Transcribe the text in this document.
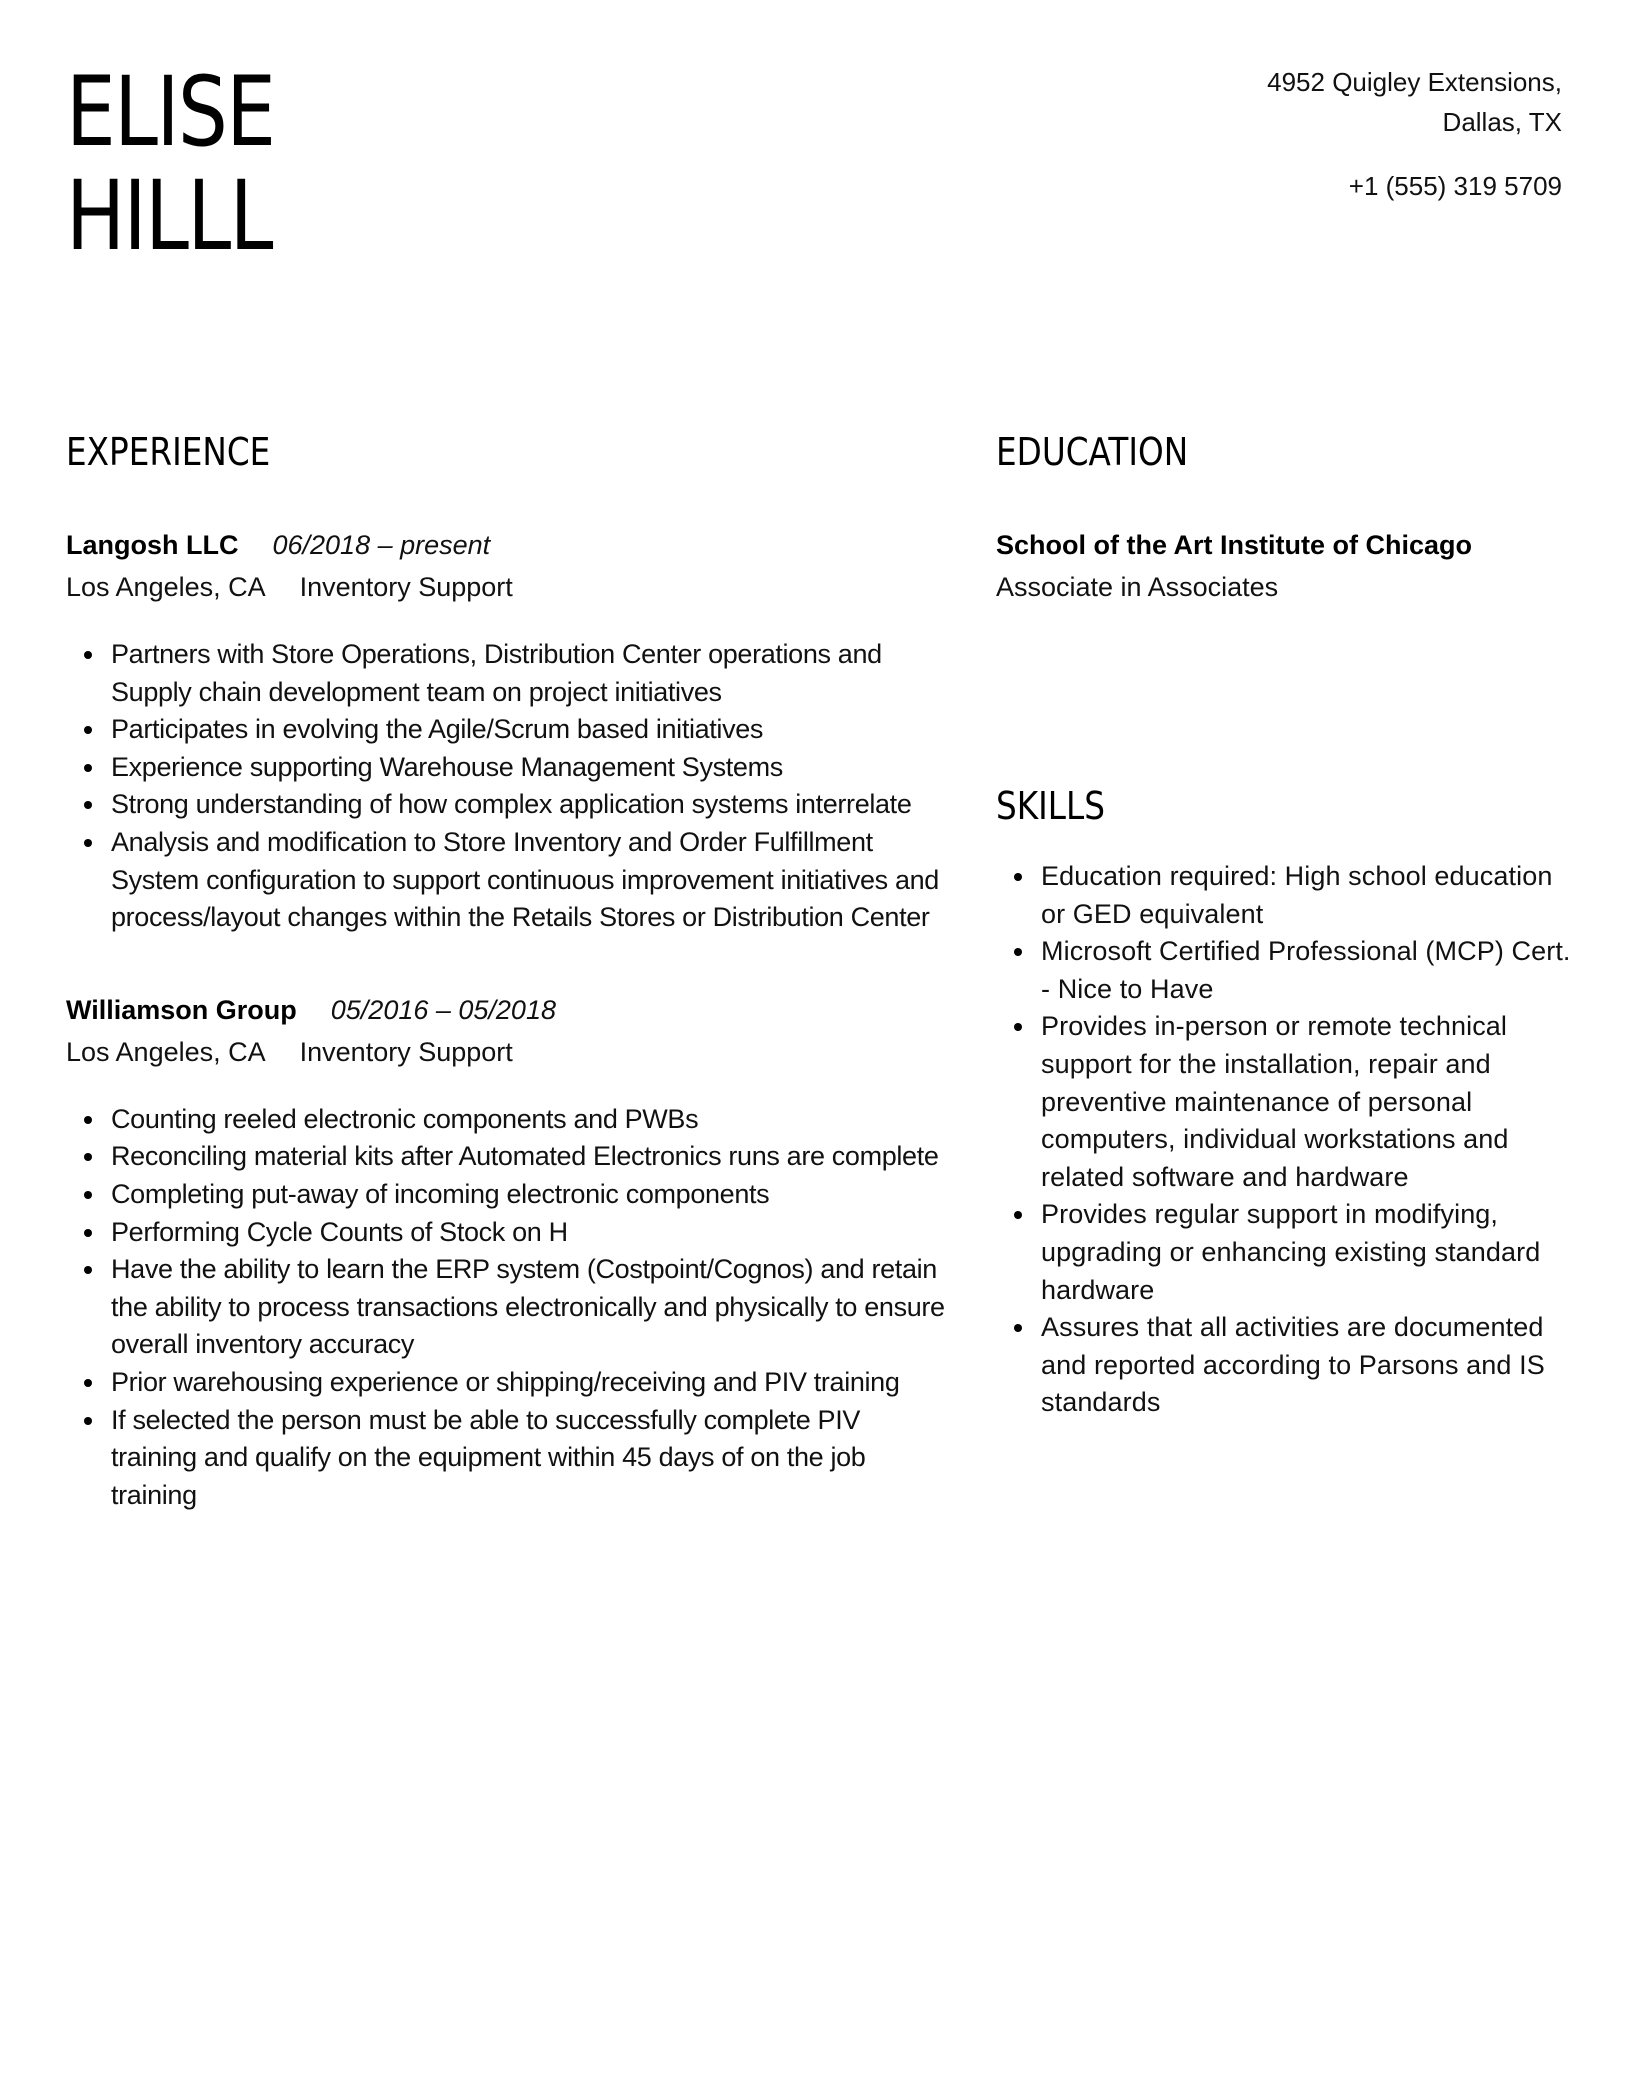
ELISE
HILLL
4952 Quigley Extensions,
Dallas, TX
+1 (555) 319 5709
EXPERIENCE
Langosh LLC 06/2018 – present
Los Angeles, CA Inventory Support
Partners with Store Operations, Distribution Center operations and Supply chain development team on project initiatives
Participates in evolving the Agile/Scrum based initiatives
Experience supporting Warehouse Management Systems
Strong understanding of how complex application systems interrelate
Analysis and modification to Store Inventory and Order Fulfillment System configuration to support continuous improvement initiatives and process/layout changes within the Retails Stores or Distribution Center
Williamson Group 05/2016 – 05/2018
Los Angeles, CA Inventory Support
Counting reeled electronic components and PWBs
Reconciling material kits after Automated Electronics runs are complete
Completing put-away of incoming electronic components
Performing Cycle Counts of Stock on H
Have the ability to learn the ERP system (Costpoint/Cognos) and retain the ability to process transactions electronically and physically to ensure overall inventory accuracy
Prior warehousing experience or shipping/receiving and PIV training
If selected the person must be able to successfully complete PIV training and qualify on the equipment within 45 days of on the job training
EDUCATION
School of the Art Institute of Chicago
Associate in Associates
SKILLS
Education required: High school education or GED equivalent
Microsoft Certified Professional (MCP) Cert. - Nice to Have
Provides in-person or remote technical support for the installation, repair and preventive maintenance of personal computers, individual workstations and related software and hardware
Provides regular support in modifying, upgrading or enhancing existing standard hardware
Assures that all activities are documented and reported according to Parsons and IS standards
